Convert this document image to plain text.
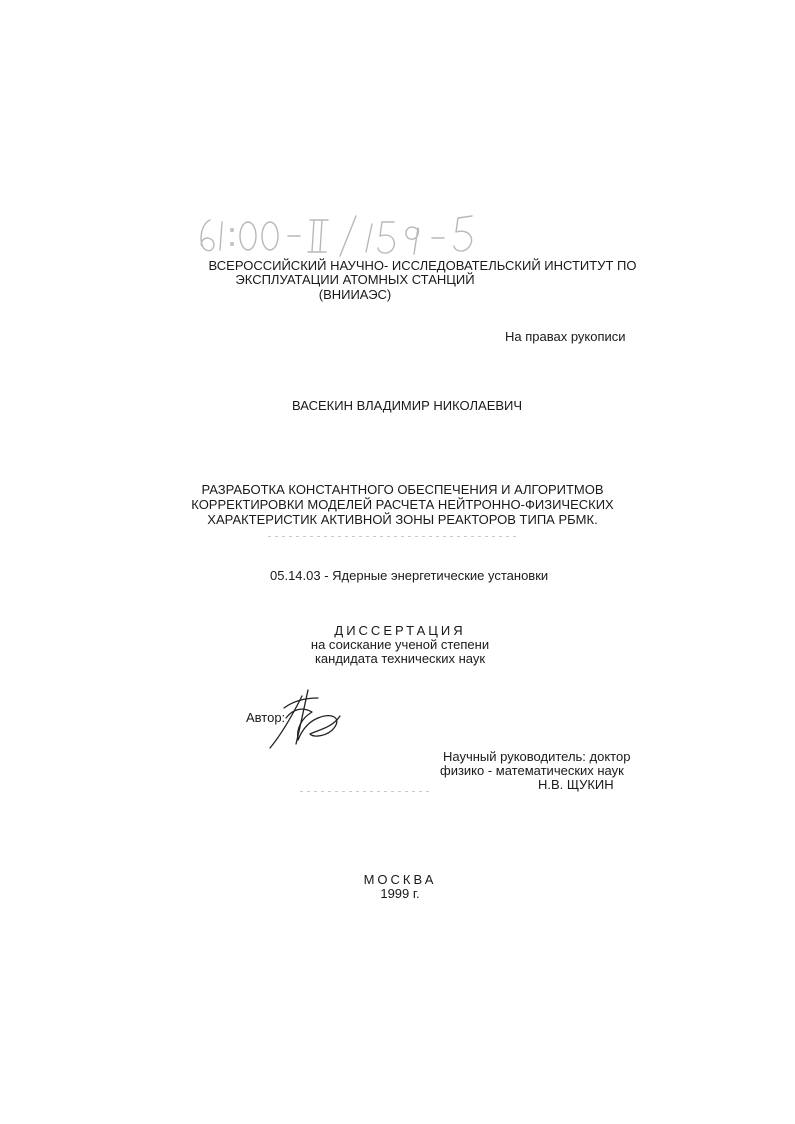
ВСЕРОССИЙСКИЙ НАУЧНО- ИССЛЕДОВАТЕЛЬСКИЙ ИНСТИТУТ ПО
ЭКСПЛУАТАЦИИ АТОМНЫХ СТАНЦИЙ
(ВНИИАЭС)
На правах рукописи
ВАСЕКИН ВЛАДИМИР НИКОЛАЕВИЧ
РАЗРАБОТКА КОНСТАНТНОГО ОБЕСПЕЧЕНИЯ И АЛГОРИТМОВ
КОРРЕКТИРОВКИ МОДЕЛЕЙ РАСЧЕТА НЕЙТРОННО-ФИЗИЧЕСКИХ
ХАРАКТЕРИСТИК АКТИВНОЙ ЗОНЫ РЕАКТОРОВ ТИПА РБМК.
05.14.03 - Ядерные энергетические установки
ДИССЕРТАЦИЯ
на соискание ученой степени
кандидата технических наук
Автор:
Научный руководитель: доктор
физико - математических наук
Н.В. ЩУКИН
МОСКВА
1999 г.
